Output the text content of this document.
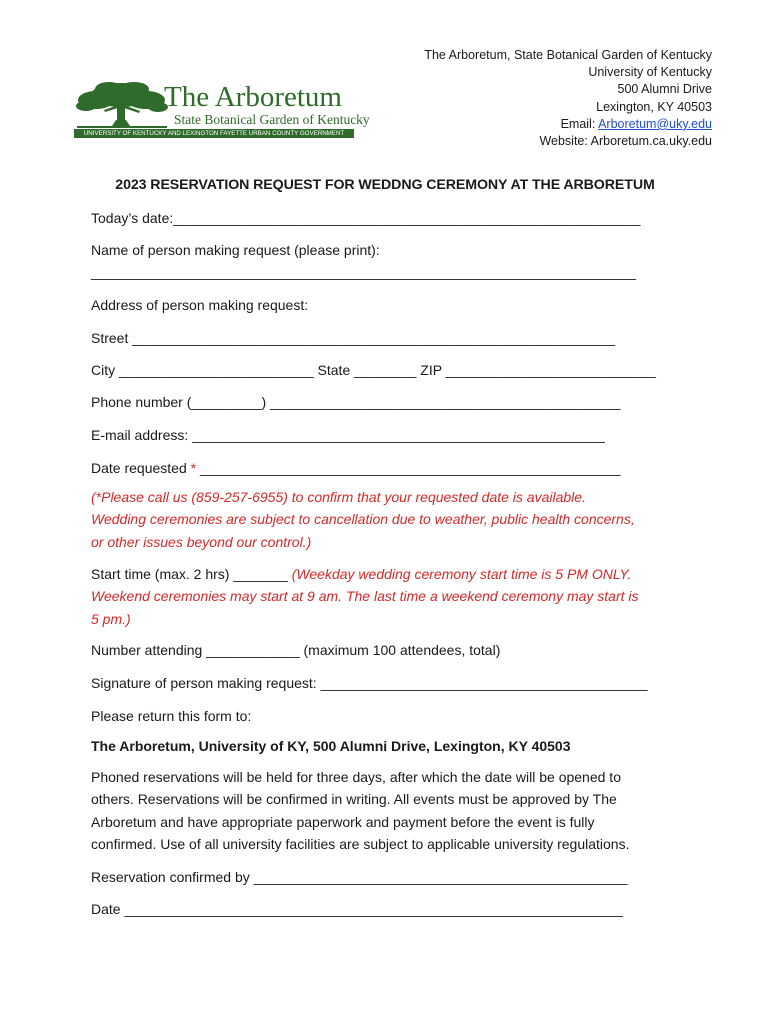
The Arboretum
State Botanical Garden of Kentucky
UNIVERSITY OF KENTUCKY AND LEXINGTON FAYETTE URBAN COUNTY GOVERNMENT
The Arboretum, State Botanical Garden of Kentucky
University of Kentucky
500 Alumni Drive
Lexington, KY 40503
Email: Arboretum@uky.edu
Website: Arboretum.ca.uky.edu
2023 RESERVATION REQUEST FOR WEDDNG CEREMONY AT THE ARBORETUM
Today’s date:____________________________________________________________
Name of person making request (please print):
______________________________________________________________________
Address of person making request:
Street ______________________________________________________________
City _________________________ State ________ ZIP ___________________________
Phone number (_________) _____________________________________________
E-mail address: _____________________________________________________
Date requested * ______________________________________________________
(*Please call us (859-257-6955) to confirm that your requested date is available.
Wedding ceremonies are subject to cancellation due to weather, public health concerns,
or other issues beyond our control.)
Start time (max. 2 hrs) _______ (Weekday wedding ceremony start time is 5 PM ONLY.
Weekend ceremonies may start at 9 am. The last time a weekend ceremony may start is
5 pm.)
Number attending ____________ (maximum 100 attendees, total)
Signature of person making request: __________________________________________
Please return this form to:
The Arboretum, University of KY, 500 Alumni Drive, Lexington, KY 40503
Phoned reservations will be held for three days, after which the date will be opened to
others. Reservations will be confirmed in writing. All events must be approved by The
Arboretum and have appropriate paperwork and payment before the event is fully
confirmed. Use of all university facilities are subject to applicable university regulations.
Reservation confirmed by ________________________________________________
Date ________________________________________________________________
